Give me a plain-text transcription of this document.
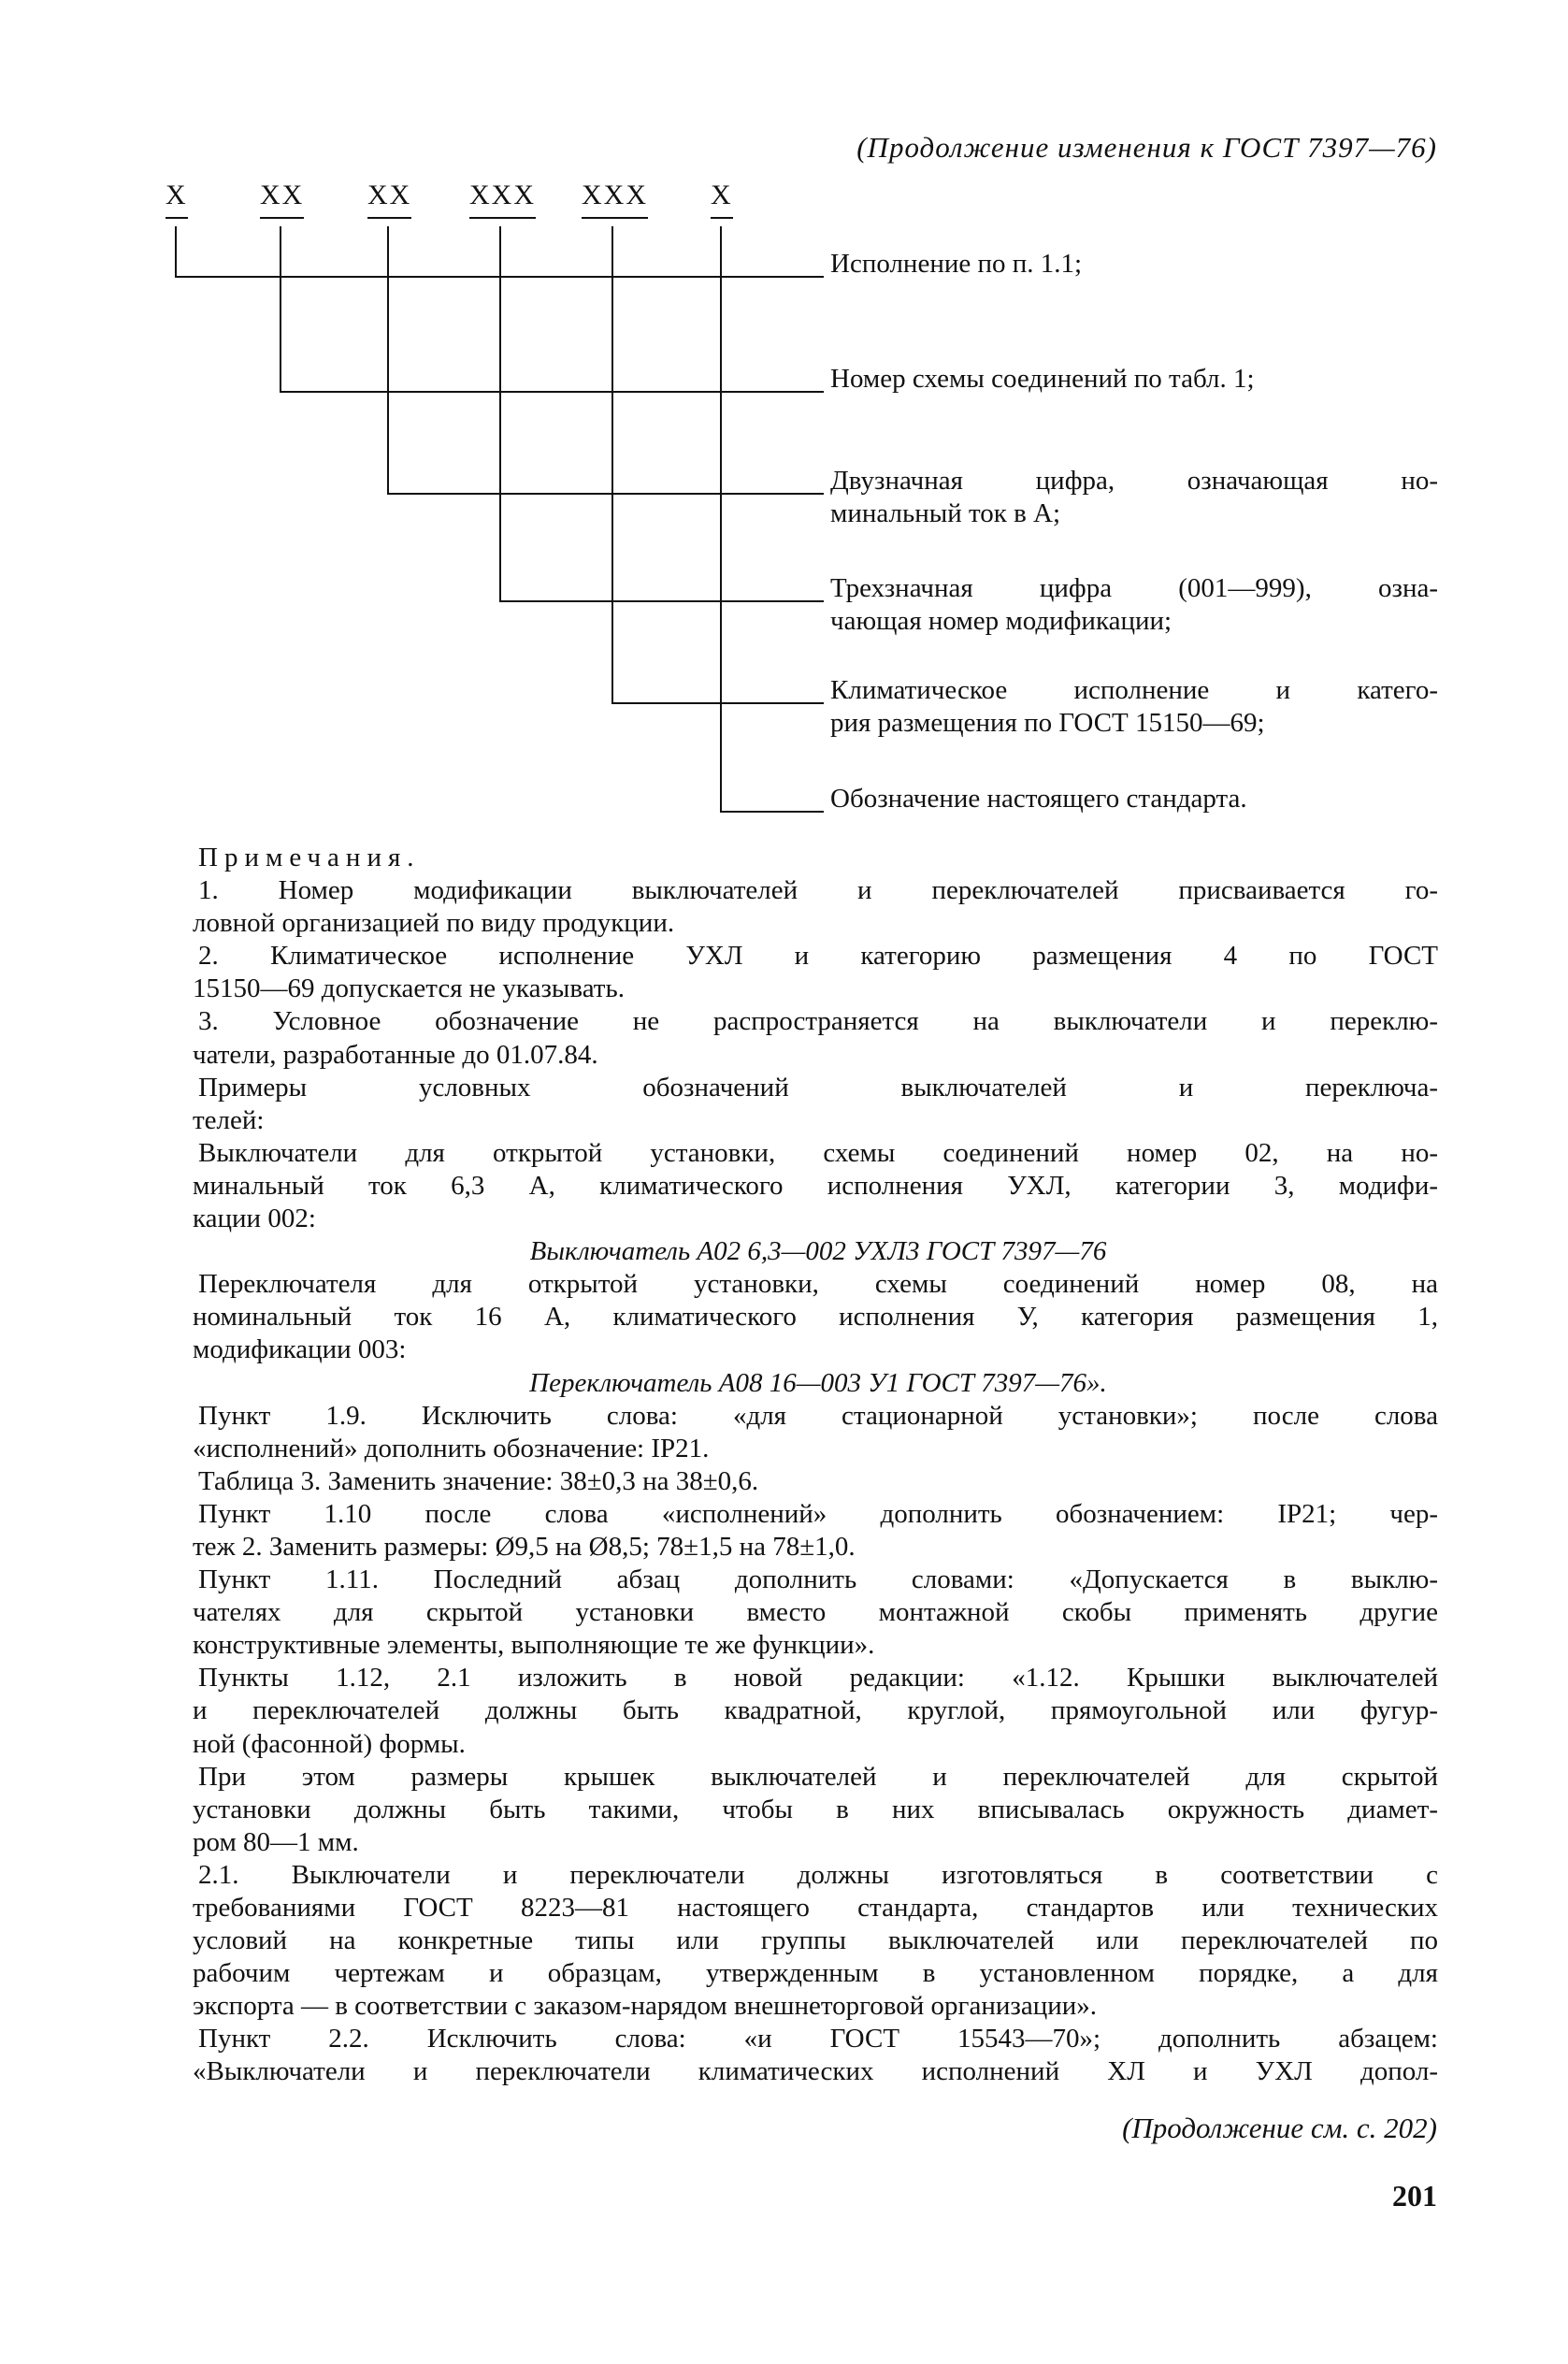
(Продолжение изменения к ГОСТ 7397—76)
X
Исполнение по п. 1.1;
XX
Номер схемы соединений по табл. 1;
XX
Двузначная цифра, означающая но-
минальный ток в А;
XXX
Трехзначная цифра (001—999), озна-
чающая номер модификации;
XXX
Климатическое исполнение и катего-
рия размещения по ГОСТ 15150—69;
X
Обозначение настоящего стандарта.
Примечания.
1. Номер модификации выключателей и переключателей присваивается го-
ловной организацией по виду продукции.
2. Климатическое исполнение УХЛ и категорию размещения 4 по ГОСТ
15150—69 допускается не указывать.
3. Условное обозначение не распространяется на выключатели и переклю-
чатели, разработанные до 01.07.84.
Примеры условных обозначений выключателей и переключа-
телей:
Выключатели для открытой установки, схемы соединений номер 02, на но-
минальный ток 6,3 А, климатического исполнения УХЛ, категории 3, модифи-
кации 002:
Выключатель А02 6,3—002 УХЛ3 ГОСТ 7397—76
Переключателя для открытой установки, схемы соединений номер 08, на
номинальный ток 16 А, климатического исполнения У, категория размещения 1,
модификации 003:
Переключатель А08 16—003 У1 ГОСТ 7397—76».
Пункт 1.9. Исключить слова: «для стационарной установки»; после слова
«исполнений» дополнить обозначение: IP21.
Таблица 3. Заменить значение: 38±0,3 на 38±0,6.
Пункт 1.10 после слова «исполнений» дополнить обозначением: IP21; чер-
теж 2. Заменить размеры: Ø9,5 на Ø8,5; 78±1,5 на 78±1,0.
Пункт 1.11. Последний абзац дополнить словами: «Допускается в выклю-
чателях для скрытой установки вместо монтажной скобы применять другие
конструктивные элементы, выполняющие те же функции».
Пункты 1.12, 2.1 изложить в новой редакции: «1.12. Крышки выключателей
и переключателей должны быть квадратной, круглой, прямоугольной или фугур-
ной (фасонной) формы.
При этом размеры крышек выключателей и переключателей для скрытой
установки должны быть такими, чтобы в них вписывалась окружность диамет-
ром 80—1 мм.
2.1. Выключатели и переключатели должны изготовляться в соответствии с
требованиями ГОСТ 8223—81 настоящего стандарта, стандартов или технических
условий на конкретные типы или группы выключателей или переключателей по
рабочим чертежам и образцам, утвержденным в установленном порядке, а для
экспорта — в соответствии с заказом-нарядом внешнеторговой организации».
Пункт 2.2. Исключить слова: «и ГОСТ 15543—70»; дополнить абзацем:
«Выключатели и переключатели климатических исполнений ХЛ и УХЛ допол-
(Продолжение см. с. 202)
201
